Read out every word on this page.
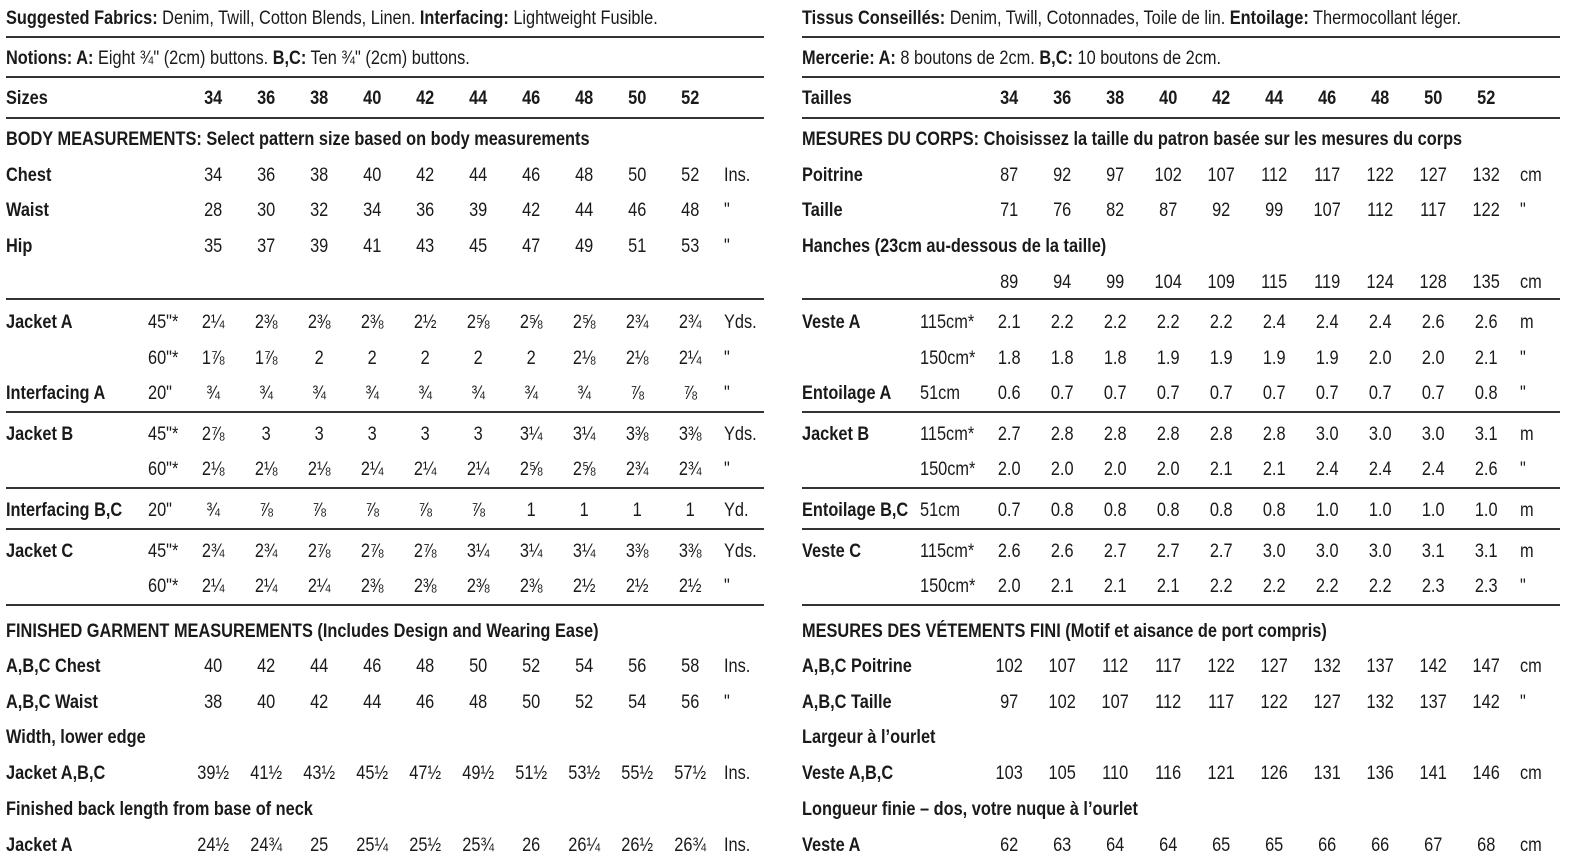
Suggested Fabrics: Denim, Twill, Cotton Blends, Linen. Interfacing: Lightweight Fusible.
Notions: A: Eight ¾" (2cm) buttons. B,C: Ten ¾" (2cm) buttons.
Sizes	34	36	38	40	42	44	46	48	50	52
BODY MEASUREMENTS: Select pattern size based on body measurements
FINISHED GARMENT MEASUREMENTS (Includes Design and Wearing Ease)
Width, lower edge
Finished back length from base of neck
Chest	34	36	38	40	42	44	46	48	50	52	Ins.
Waist	28	30	32	34	36	39	42	44	46	48	"
Hip	35	37	39	41	43	45	47	49	51	53	"
Jacket A	45"*	2¼	2⅜	2⅜	2⅜	2½	2⅝	2⅝	2⅝	2¾	2¾	Yds.
60"*	1⅞	1⅞	2	2	2	2	2	2⅛	2⅛	2¼	"
Interfacing A 20"	¾	¾	¾	¾	¾	¾	¾	¾	⅞	⅞	"
Jacket B	45"*	2⅞	3	3	3	3	3	3¼	3¼	3⅜	3⅜	Yds.
60"*	2⅛	2⅛	2⅛	2¼	2¼	2¼	2⅝	2⅝	2¾	2¾	"
Interfacing B,C 20"	¾	⅞	⅞	⅞	⅞	⅞	1	1	1	1	Yd.
Jacket C	45"*	2¾	2¾	2⅞	2⅞	2⅞	3¼	3¼	3¼	3⅜	3⅜	Yds.
60"*	2¼	2¼	2¼	2⅜	2⅜	2⅜	2⅜	2½	2½	2½	"
A,B,C Chest	40	42	44	46	48	50	52	54	56	58	Ins.
A,B,C Waist	38	40	42	44	46	48	50	52	54	56	"
Jacket A,B,C	39½ 41½ 43½ 45½ 47½ 49½ 51½ 53½ 55½ 57½ Ins.
Jacket A	24½ 24¾	25	25¼ 25½ 25¾	26	26¼ 26½ 26¾ Ins.
Tissus Conseillés: Denim, Twill, Cotonnades, Toile de lin. Entoilage: Thermocollant léger.
Mercerie: A: 8 boutons de 2cm. B,C: 10 boutons de 2cm.
Tailles	34	36	38	40	42	44	46	48	50	52
MESURES DU CORPS: Choisissez la taille du patron basée sur les mesures du corps
Hanches (23cm au-dessous de la taille)
MESURES DES VÉTEMENTS FINI (Motif et aisance de port compris)
Largeur à l’ourlet
Longueur finie – dos, votre nuque à l’ourlet
Poitrine	87	92	97	102 107 112 117 122 127 132 cm
Taille	71	76	82	87	92	99	107 112 117 122 "
89	94	99	104 109 115 119 124 128 135 cm
Veste A	115cm*	2.1	2.2	2.2	2.2	2.2	2.4	2.4	2.4	2.6	2.6	m
150cm*	1.8	1.8	1.8	1.9	1.9	1.9	1.9	2.0	2.0	2.1	"
Entoilage A 51cm	0.6	0.7	0.7	0.7	0.7	0.7	0.7	0.7	0.7	0.8	"
Jacket B	115cm*	2.7	2.8	2.8	2.8	2.8	2.8	3.0	3.0	3.0	3.1	m
150cm*	2.0	2.0	2.0	2.0	2.1	2.1	2.4	2.4	2.4	2.6	"
Entoilage B,C 51cm	0.7	0.8	0.8	0.8	0.8	0.8	1.0	1.0	1.0	1.0	m
Veste C	115cm*	2.6	2.6	2.7	2.7	2.7	3.0	3.0	3.0	3.1	3.1	m
150cm*	2.0	2.1	2.1	2.1	2.2	2.2	2.2	2.2	2.3	2.3	"
A,B,C Poitrine	102 107 112 117 122 127 132 137 142 147 cm
A,B,C Taille	97	102 107 112 117 122 127 132 137 142 "
Veste A,B,C	103 105 110 116 121 126 131 136 141 146 cm
Veste A	62	63	64	64	65	65	66	66	67	68	cm
